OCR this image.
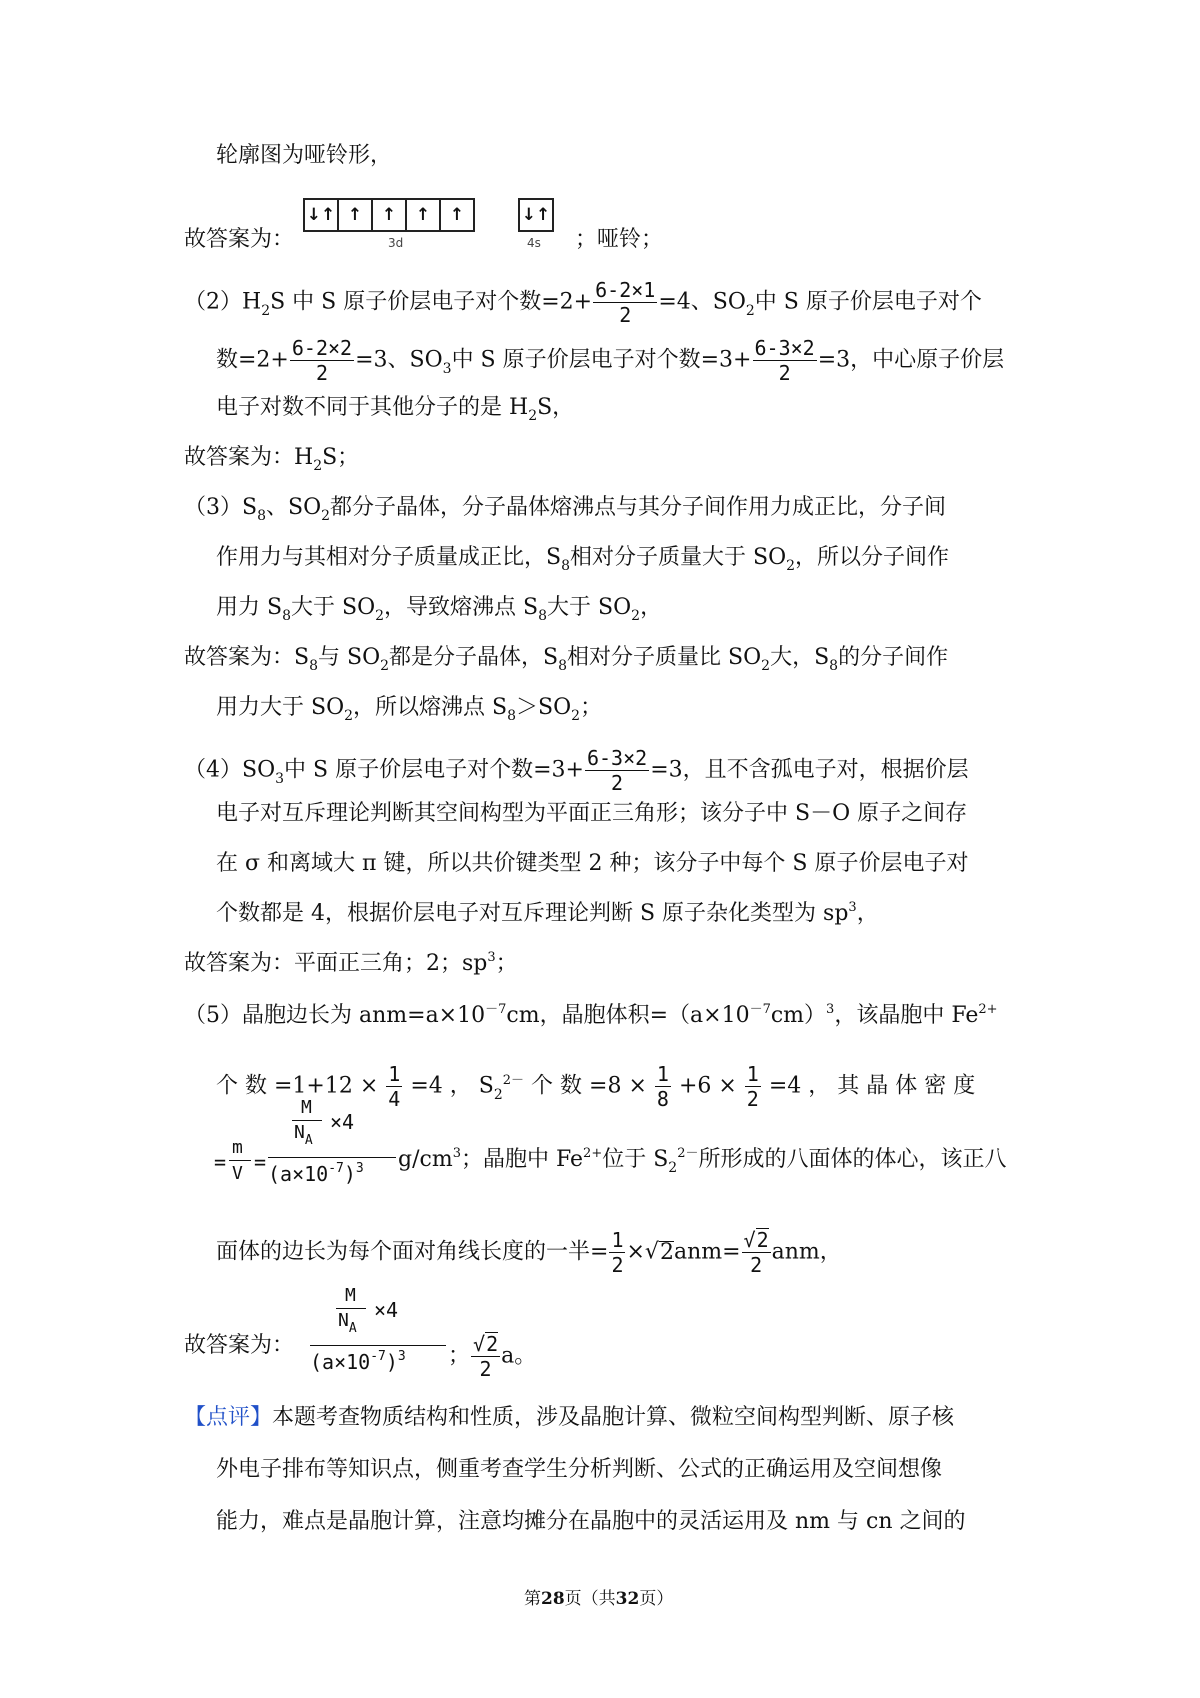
轮廓图为哑铃形，
故答案为：
↓↑ ↑	↑	↑	↑
3d
↓↑
4s ；哑铃；
$(2)H_2S$ 中 S 原子价层电子对个数$=2+ \frac{6-2\times 1}{2} =4$、$SO_2$中 S 原子价层电子对个
数$=2+ \frac{6-2\times 2}{2} =3$、$SO_3$中 S 原子价层电子对个数$=3+ \frac{6-3\times 2}{2} =3$，中心原子价层
电子对数不同于其他分子的是 $H_2S$，
故答案为：$H_2S$；
$(3)S_8$、$SO_2$都分子晶体，分子晶体熔沸点与其分子间作用力成正比，分子间
作用力与其相对分子质量成正比，$S_8$相对分子质量大于 $SO_2$，所以分子间作
用力 $S_8$大于 $SO_2$，导致熔沸点 $S_8$大于 $SO_2$，
故答案为：$S_8$与 $SO_2$都是分子晶体，$S_8$相对分子质量比 $SO_2$大，$S_8$的分子间作
用力大于 $SO_2$，所以熔沸点 $S_8>SO_2$；
$(4)SO_3$中 S 原子价层电子对个数$=3+ \frac{6-3\times 2}{2} =3$，且不含孤电子对，根据价层
电子对互斥理论判断其空间构型为平面正三角形；该分子中 S－O 原子之间存
在 σ 和离域大 π 键，所以共价键类型 2 种；该分子中每个 S 原子价层电子对
个数都是 4，根据价层电子对互斥理论判断 S 原子杂化类型为 $sp^3$，
故答案为：平面正三角；2；$sp^3$；
（5）晶胞边长为 $anm=a\times 10^{-7}cm$，晶胞体积$=(a\times 10^{-7}cm)^3$，该晶胞中 $Fe^{2+}$
个 数 $=1+12 \times \frac{1}{4} =4$ ， $S_2^{2-}$ 个 数 $=8 \times \frac{1}{8} +6 \times \frac{1}{2} =4$ ， 其 晶 体 密 度
=
m
V =
M
$N_A$
×4
$(a\times 10^{-7})^3$ $g/cm^3$；晶胞中 $Fe^{2+}$位于 $S_2^{2-}$所形成的八面体的体心，该正八
面体的边长为每个面对角线长度的一半= $\frac{1}{2} \times√2anm= \frac{√2}{2}$ anm，
故答案为：
M
$N_A$
×4
$(a\times 10^{-7})^3$ ； $\frac{√2}{2}$ a。
【点评】本题考查物质结构和性质，涉及晶胞计算、微粒空间构型判断、原子核
外电子排布等知识点，侧重考查学生分析判断、公式的正确运用及空间想像
能力，难点是晶胞计算，注意均摊分在晶胞中的灵活运用及 nm 与 cn 之间的
第28页（共32页）
